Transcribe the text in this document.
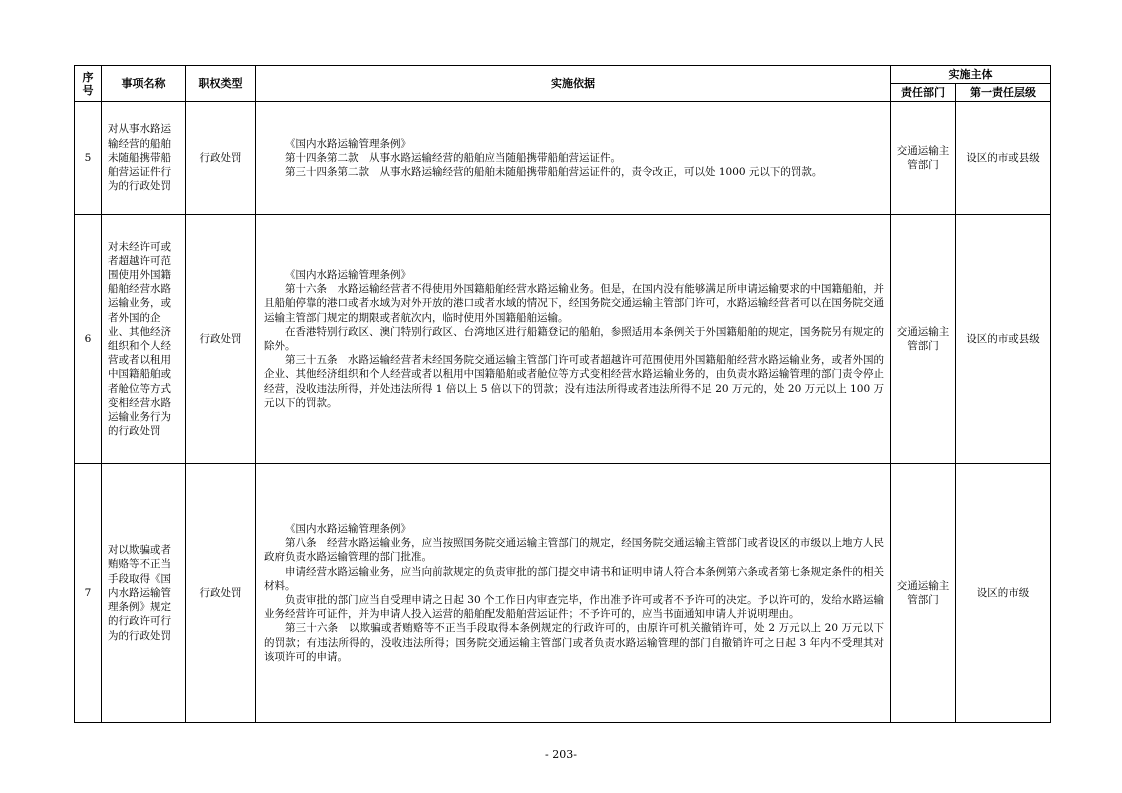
序号	事项名称	职权类型	实施依据	实施主体	
				责任部门	第一责任层级
5	对从事水路运输经营的船舶未随船携带船舶营运证件行为的行政处罚	行政处罚	《国内水路运输管理条例》
第十四条第二款　从事水路运输经营的船舶应当随船携带船舶营运证件。
第三十四条第二款　从事水路运输经营的船舶未随船携带船舶营运证件的，责令改正，可以处 1000 元以下的罚款。	交通运输主管部门	设区的市或县级
6	对未经许可或者超越许可范围使用外国籍船舶经营水路运输业务，或者外国的企业、其他经济组织和个人经营或者以租用中国籍船舶或者舱位等方式变相经营水路运输业务行为的行政处罚	行政处罚	《国内水路运输管理条例》
第十六条　水路运输经营者不得使用外国籍船舶经营水路运输业务。但是，在国内没有能够满足所申请运输要求的中国籍船舶，并且船舶停靠的港口或者水域为对外开放的港口或者水域的情况下，经国务院交通运输主管部门许可，水路运输经营者可以在国务院交通运输主管部门规定的期限或者航次内，临时使用外国籍船舶运输。
在香港特别行政区、澳门特别行政区、台湾地区进行船籍登记的船舶，参照适用本条例关于外国籍船舶的规定，国务院另有规定的除外。
第三十五条　水路运输经营者未经国务院交通运输主管部门许可或者超越许可范围使用外国籍船舶经营水路运输业务，或者外国的企业、其他经济组织和个人经营或者以租用中国籍船舶或者舱位等方式变相经营水路运输业务的，由负责水路运输管理的部门责令停止经营，没收违法所得，并处违法所得 1 倍以上 5 倍以下的罚款；没有违法所得或者违法所得不足 20 万元的，处 20 万元以上 100 万元以下的罚款。	交通运输主管部门	设区的市或县级
7	对以欺骗或者贿赂等不正当手段取得《国内水路运输管理条例》规定的行政许可行为的行政处罚	行政处罚	《国内水路运输管理条例》
第八条　经营水路运输业务，应当按照国务院交通运输主管部门的规定，经国务院交通运输主管部门或者设区的市级以上地方人民政府负责水路运输管理的部门批准。
申请经营水路运输业务，应当向前款规定的负责审批的部门提交申请书和证明申请人符合本条例第六条或者第七条规定条件的相关材料。
负责审批的部门应当自受理申请之日起 30 个工作日内审查完毕，作出准予许可或者不予许可的决定。予以许可的，发给水路运输业务经营许可证件，并为申请人投入运营的船舶配发船舶营运证件；不予许可的，应当书面通知申请人并说明理由。
第三十六条　以欺骗或者贿赂等不正当手段取得本条例规定的行政许可的，由原许可机关撤销许可，处 2 万元以上 20 万元以下的罚款；有违法所得的，没收违法所得；国务院交通运输主管部门或者负责水路运输管理的部门自撤销许可之日起 3 年内不受理其对该项许可的申请。	交通运输主管部门	设区的市级
- 203-
